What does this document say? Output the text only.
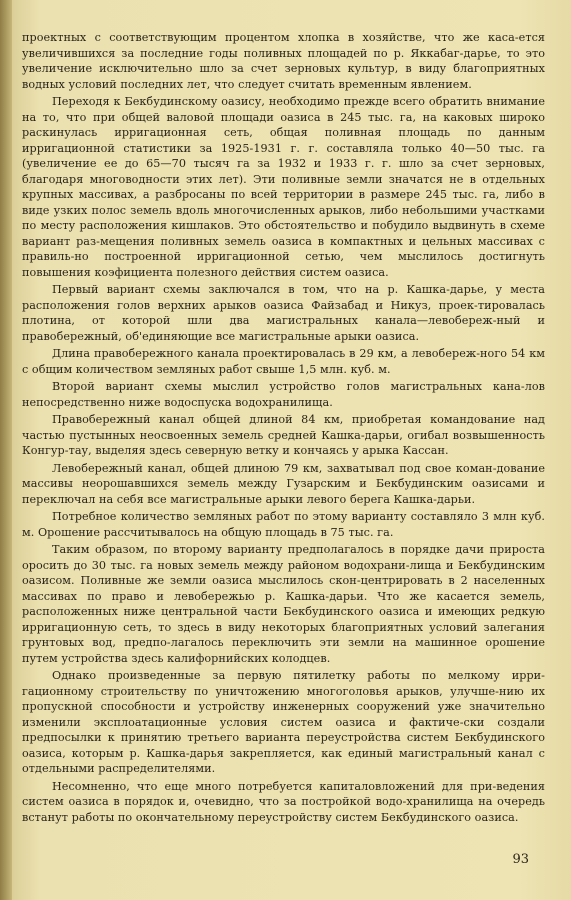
проектных с соответствующим процентом хлопка в хозяйстве, что же каса-ется увеличившихся за последние годы поливных площадей по р. Яккабаг-дарье, то это увеличение исключительно шло за счет зерновых культур, в виду благоприятных водных условий последних лет, что следует считать временным явлением.

Переходя к Бекбудинскому оазису, необходимо прежде всего обратить внимание на то, что при общей валовой площади оазиса в 245 тыс. га, на каковых широко раскинулась ирригационная сеть, общая поливная площадь по данным ирригационной статистики за 1925-1931 г. г. составляла только 40—50 тыс. га (увеличение ее до 65—70 тысяч га за 1932 и 1933 г. г. шло за счет зерновых, благодаря многоводности этих лет). Эти поливные земли значатся не в отдельных крупных массивах, а разбросаны по всей территории в размере 245 тыс. га, либо в виде узких полос земель вдоль многочисленных арыков, либо небольшими участками по месту расположения кишлаков. Это обстоятельство и побудило выдвинуть в схеме вариант раз-мещения поливных земель оазиса в компактных и цельных массивах с правиль-но построенной ирригационной сетью, чем мыслилось достигнуть повышения коэфициента полезного действия систем оазиса.

Первый вариант схемы заключался в том, что на р. Кашка-дарье, у места расположения голов верхних арыков оазиса Файзабад и Никуз, проек-тировалась плотина, от которой шли два магистральных канала—левобереж-ный и правобережный, об'единяющие все магистральные арыки оазиса.

Длина правобережного канала проектировалась в 29 км, а левобереж-ного 54 км с общим количеством земляных работ свыше 1,5 млн. куб. м.

Второй вариант схемы мыслил устройство голов магистральных кана-лов непосредственно ниже водоспуска водохранилища.

Правобережный канал общей длиной 84 км, приобретая командование над частью пустынных неосвоенных земель средней Кашка-дарьи, огибал возвышенность Конгур-тау, выделяя здесь северную ветку и кончаясь у арыка Кассан.

Левобережный канал, общей длиною 79 км, захватывал под свое коман-дование массивы неорошавшихся земель между Гузарским и Бекбудинским оазисами и переключал на себя все магистральные арыки левого берега Кашка-дарьи.

Потребное количество земляных работ по этому варианту составляло 3 млн куб. м. Орошение рассчитывалось на общую площадь в 75 тыс. га.

Таким образом, по второму варианту предполагалось в порядке дачи прироста оросить до 30 тыс. га новых земель между районом водохрани-лища и Бекбудинским оазисом. Поливные же земли оазиса мыслилось скон-центрировать в 2 населенных массивах по право и левобережью р. Кашка-дарьи. Что же касается земель, расположенных ниже центральной части Бекбудинского оазиса и имеющих редкую ирригационную сеть, то здесь в виду некоторых благоприятных условий залегания грунтовых вод, предпо-лагалось переключить эти земли на машинное орошение путем устройства здесь калифорнийских колодцев.

Однако произведенные за первую пятилетку работы по мелкому ирри-гационному строительству по уничтожению многоголовья арыков, улучше-нию их пропускной способности и устройству инженерных сооружений уже значительно изменили эксплоатационные условия систем оазиса и фактиче-ски создали предпосылки к принятию третьего варианта переустройства систем Бекбудинского оазиса, которым р. Кашка-дарья закрепляется, как единый магистральный канал с отдельными распределителями.

Несомненно, что еще много потребуется капиталовложений для при-ведения систем оазиса в порядок и, очевидно, что за постройкой водо-хранилища на очередь встанут работы по окончательному переустройству систем Бекбудинского оазиса.

93
